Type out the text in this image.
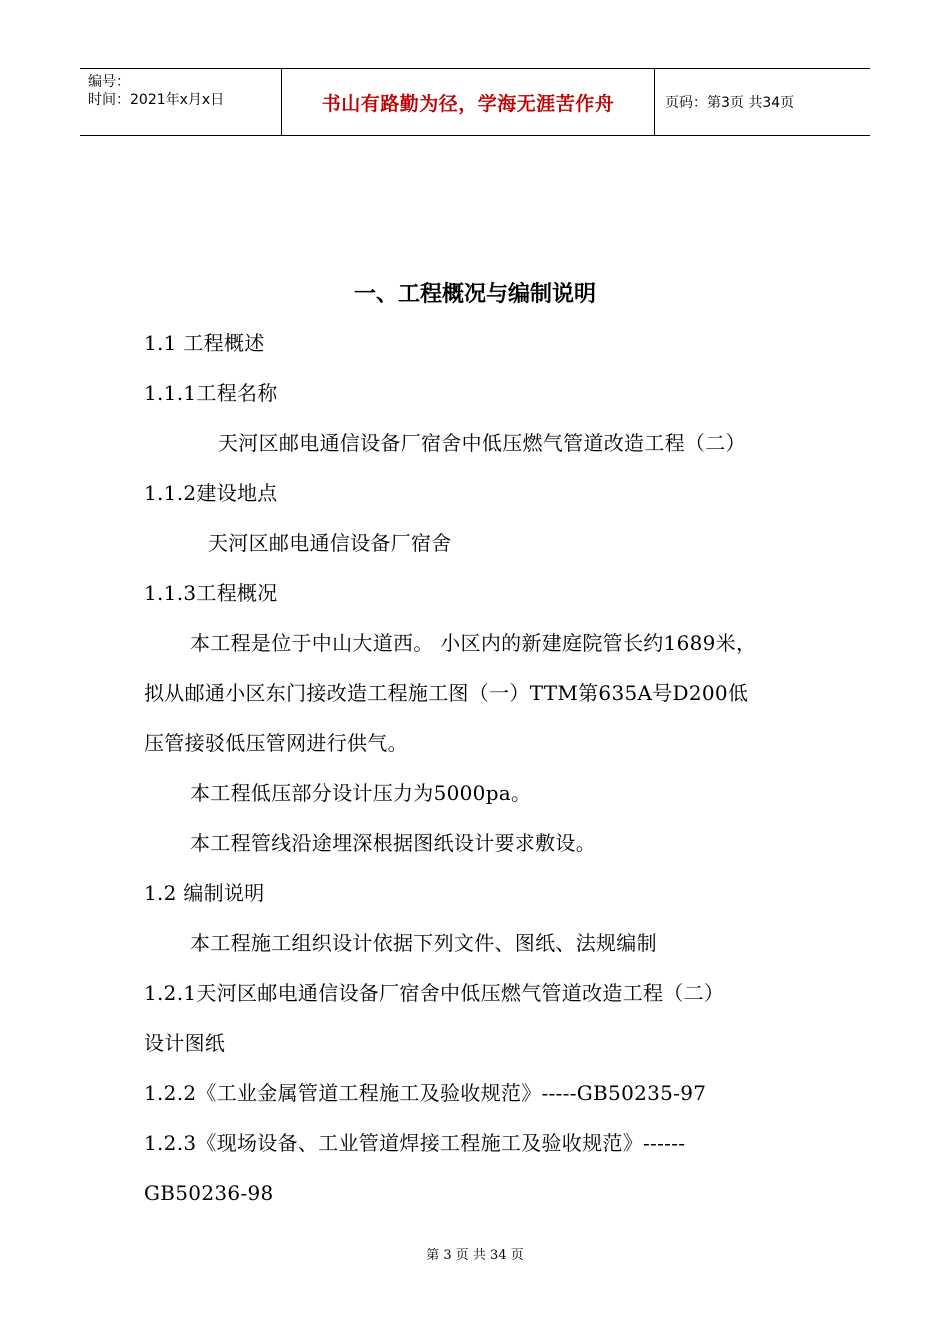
编号：
时间：2021年x月x日	书山有路勤为径，学海无涯苦作舟	页码：第3页 共34页
一、工程概况与编制说明
1.1 工程概述
1.1.1工程名称
天河区邮电通信设备厂宿舍中低压燃气管道改造工程（二）
1.1.2建设地点
天河区邮电通信设备厂宿舍
1.1.3工程概况
本工程是位于中山大道西。 小区内的新建庭院管长约1689米，
拟从邮通小区东门接改造工程施工图（一）TTM第635A号D200低
压管接驳低压管网进行供气。
本工程低压部分设计压力为5000pa。
本工程管线沿途埋深根据图纸设计要求敷设。
1.2 编制说明
本工程施工组织设计依据下列文件、图纸、法规编制
1.2.1天河区邮电通信设备厂宿舍中低压燃气管道改造工程（二）
设计图纸
1.2.2《工业金属管道工程施工及验收规范》-----GB50235-97
1.2.3《现场设备、工业管道焊接工程施工及验收规范》------
GB50236-98
第 3 页 共 34 页
